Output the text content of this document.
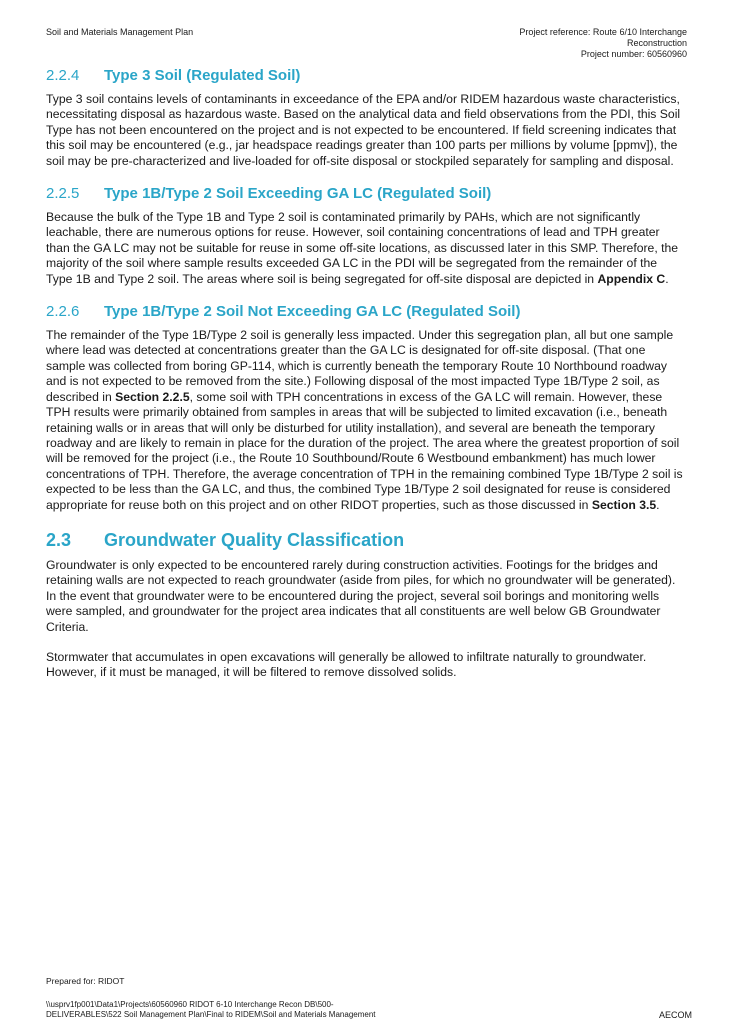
Soil and Materials Management Plan	Project reference: Route 6/10 Interchange
Reconstruction
Project number: 60560960
2.2.4	Type 3 Soil (Regulated Soil)

Type 3 soil contains levels of contaminants in exceedance of the EPA and/or RIDEM hazardous waste characteristics, necessitating disposal as hazardous waste. Based on the analytical data and field observations from the PDI, this Soil Type has not been encountered on the project and is not expected to be encountered. If field screening indicates that this soil may be encountered (e.g., jar headspace readings greater than 100 parts per millions by volume [ppmv]), the soil may be pre-characterized and live-loaded for off-site disposal or stockpiled separately for sampling and disposal.

2.2.5	Type 1B/Type 2 Soil Exceeding GA LC (Regulated Soil)

Because the bulk of the Type 1B and Type 2 soil is contaminated primarily by PAHs, which are not significantly leachable, there are numerous options for reuse. However, soil containing concentrations of lead and TPH greater than the GA LC may not be suitable for reuse in some off-site locations, as discussed later in this SMP. Therefore, the majority of the soil where sample results exceeded GA LC in the PDI will be segregated from the remainder of the Type 1B and Type 2 soil. The areas where soil is being segregated for off-site disposal are depicted in Appendix C.

2.2.6	Type 1B/Type 2 Soil Not Exceeding GA LC (Regulated Soil)

The remainder of the Type 1B/Type 2 soil is generally less impacted. Under this segregation plan, all but one sample where lead was detected at concentrations greater than the GA LC is designated for off-site disposal. (That one sample was collected from boring GP-114, which is currently beneath the temporary Route 10 Northbound roadway and is not expected to be removed from the site.) Following disposal of the most impacted Type 1B/Type 2 soil, as described in Section 2.2.5, some soil with TPH concentrations in excess of the GA LC will remain. However, these TPH results were primarily obtained from samples in areas that will be subjected to limited excavation (i.e., beneath retaining walls or in areas that will only be disturbed for utility installation), and several are beneath the temporary roadway and are likely to remain in place for the duration of the project. The area where the greatest proportion of soil will be removed for the project (i.e., the Route 10 Southbound/Route 6 Westbound embankment) has much lower concentrations of TPH. Therefore, the average concentration of TPH in the remaining combined Type 1B/Type 2 soil is expected to be less than the GA LC, and thus, the combined Type 1B/Type 2 soil designated for reuse is considered appropriate for reuse both on this project and on other RIDOT properties, such as those discussed in Section 3.5.

2.3	Groundwater Quality Classification

Groundwater is only expected to be encountered rarely during construction activities. Footings for the bridges and retaining walls are not expected to reach groundwater (aside from piles, for which no groundwater will be generated). In the event that groundwater were to be encountered during the project, several soil borings and monitoring wells were sampled, and groundwater for the project area indicates that all constituents are well below GB Groundwater Criteria.

Stormwater that accumulates in open excavations will generally be allowed to infiltrate naturally to groundwater. However, if it must be managed, it will be filtered to remove dissolved solids.

Prepared for: RIDOT
\\usprv1fp001\Data1\Projects\60560960 RIDOT 6-10 Interchange Recon DB\500-
DELIVERABLES\522 Soil Management Plan\Final to RIDEM\Soil and Materials Management	AECOM
